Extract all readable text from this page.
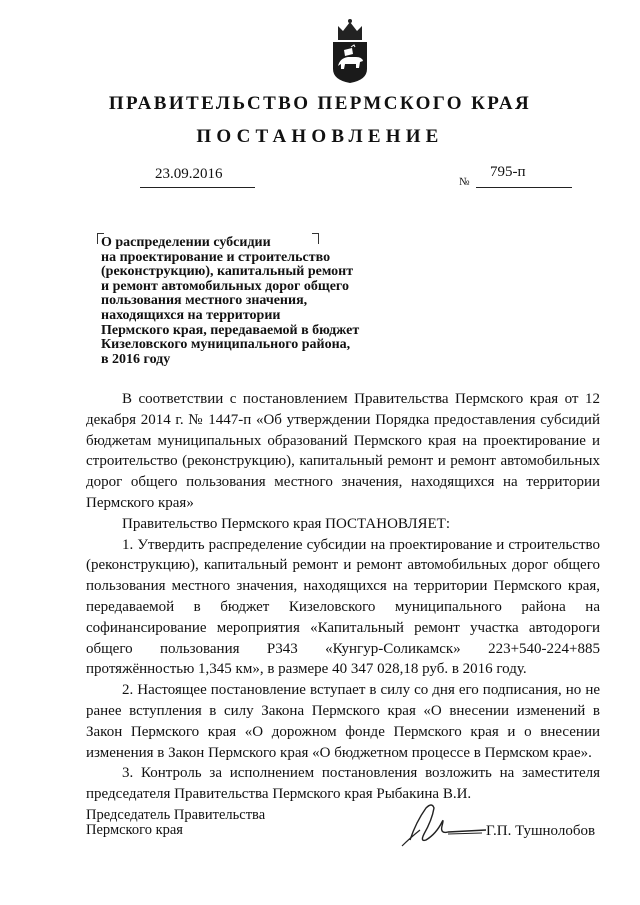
ПРАВИТЕЛЬСТВО ПЕРМСКОГО КРАЯ
ПОСТАНОВЛЕНИЕ
23.09.2016	№
795-п
О распределении субсидии
на проектирование и строительство
(реконструкцию), капитальный ремонт
и ремонт автомобильных дорог общего
пользования местного значения,
находящихся на территории
Пермского края, передаваемой в бюджет
Кизеловского муниципального района,
в 2016 году

В соответствии с постановлением Правительства Пермского края от 12 декабря 2014 г. № 1447-п «Об утверждении Порядка предоставления субсидий бюджетам муниципальных образований Пермского края на проектирование и строительство (реконструкцию), капитальный ремонт и ремонт автомобильных дорог общего пользования местного значения, находящихся на территории Пермского края»

Правительство Пермского края ПОСТАНОВЛЯЕТ:

1. Утвердить распределение субсидии на проектирование и строительство (реконструкцию), капитальный ремонт и ремонт автомобильных дорог общего пользования местного значения, находящихся на территории Пермского края, передаваемой в бюджет Кизеловского муниципального района на софинансирование мероприятия «Капитальный ремонт участка автодороги общего пользования Р343 «Кунгур-Соликамск» 223+540-224+885 протяжённостью 1,345 км», в размере 40 347 028,18 руб. в 2016 году.

2. Настоящее постановление вступает в силу со дня его подписания, но не ранее вступления в силу Закона Пермского края «О внесении изменений в Закон Пермского края «О дорожном фонде Пермского края и о внесении изменения в Закон Пермского края «О бюджетном процессе в Пермском крае».

3. Контроль за исполнением постановления возложить на заместителя председателя Правительства Пермского края Рыбакина В.И.

Председатель Правительства
Пермского края	Г.П. Тушнолобов
